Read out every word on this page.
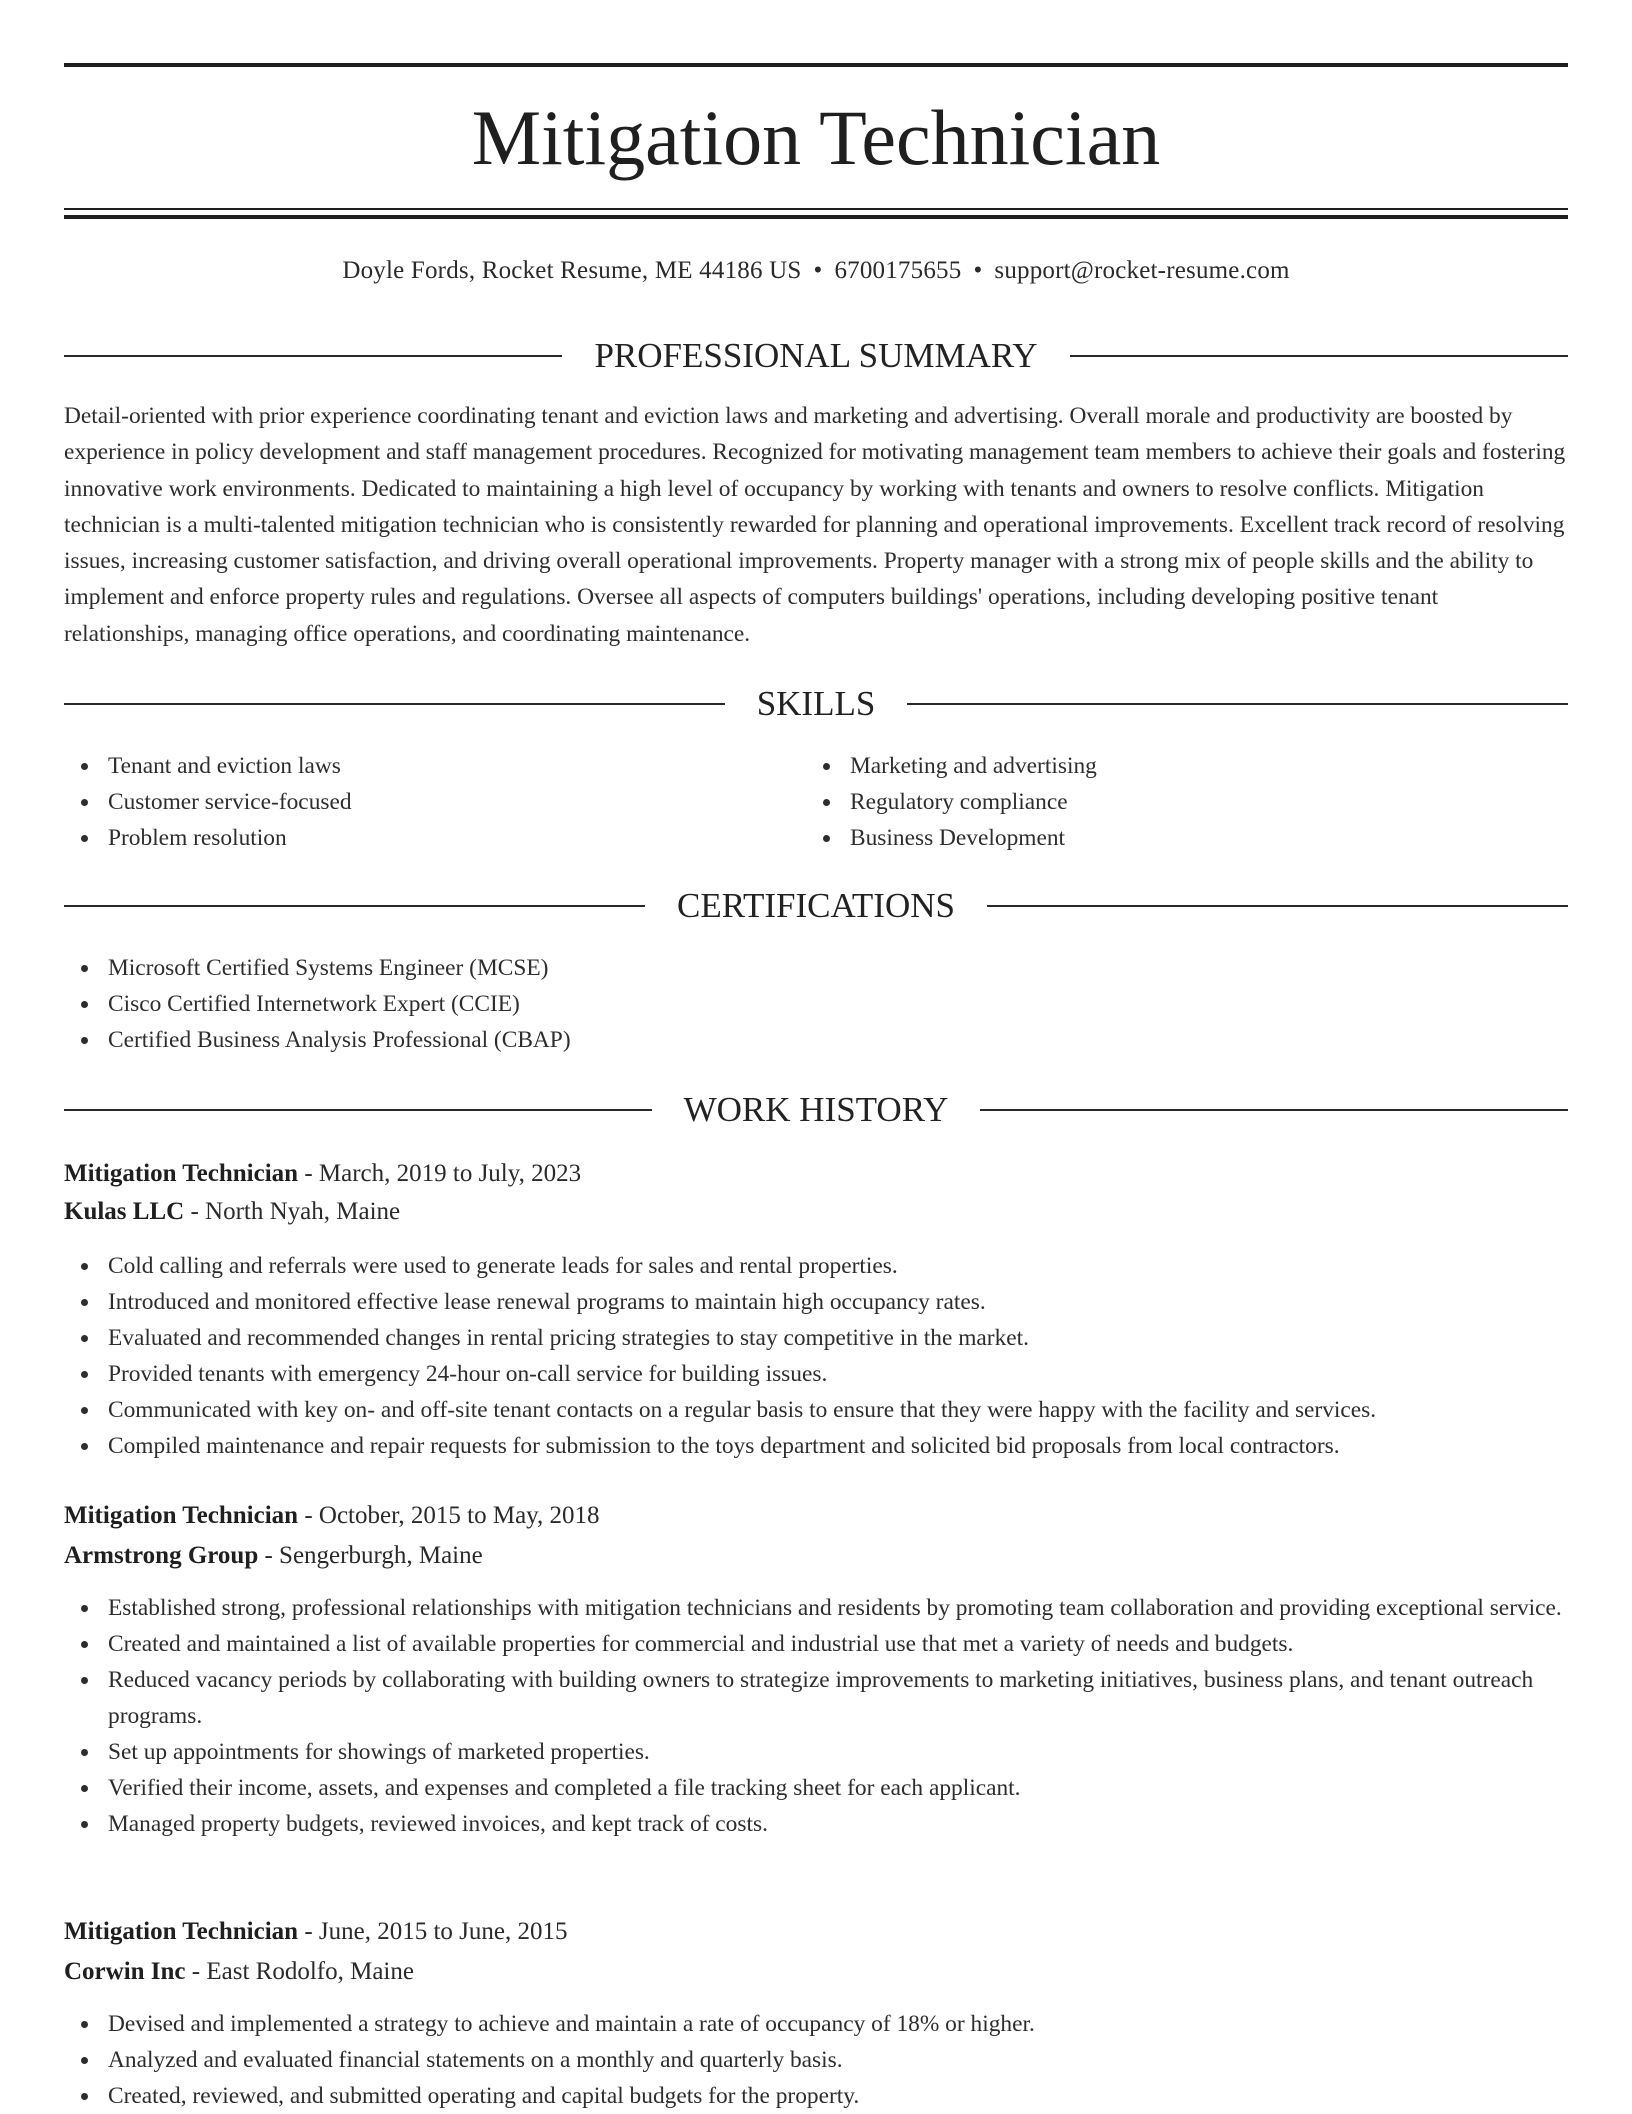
Mitigation Technician
Doyle Fords, Rocket Resume, ME 44186 US • 6700175655 • support@rocket-resume.com
PROFESSIONAL SUMMARY

Detail-oriented with prior experience coordinating tenant and eviction laws and marketing and advertising. Overall morale and productivity are boosted by experience in policy development and staff management procedures. Recognized for motivating management team members to achieve their goals and fostering innovative work environments. Dedicated to maintaining a high level of occupancy by working with tenants and owners to resolve conflicts. Mitigation technician is a multi-talented mitigation technician who is consistently rewarded for planning and operational improvements. Excellent track record of resolving issues, increasing customer satisfaction, and driving overall operational improvements. Property manager with a strong mix of people skills and the ability to implement and enforce property rules and regulations. Oversee all aspects of computers buildings' operations, including developing positive tenant relationships, managing office operations, and coordinating maintenance.

SKILLS
Tenant and eviction laws
Customer service-focused
Problem resolution
Marketing and advertising
Regulatory compliance
Business Development
CERTIFICATIONS
Microsoft Certified Systems Engineer (MCSE)
Cisco Certified Internetwork Expert (CCIE)
Certified Business Analysis Professional (CBAP)
WORK HISTORY
Mitigation Technician - March, 2019 to July, 2023
Kulas LLC - North Nyah, Maine
Cold calling and referrals were used to generate leads for sales and rental properties.
Introduced and monitored effective lease renewal programs to maintain high occupancy rates.
Evaluated and recommended changes in rental pricing strategies to stay competitive in the market.
Provided tenants with emergency 24-hour on-call service for building issues.
Communicated with key on- and off-site tenant contacts on a regular basis to ensure that they were happy with the facility and services.
Compiled maintenance and repair requests for submission to the toys department and solicited bid proposals from local contractors.
Mitigation Technician - October, 2015 to May, 2018
Armstrong Group - Sengerburgh, Maine
Established strong, professional relationships with mitigation technicians and residents by promoting team collaboration and providing exceptional service.
Created and maintained a list of available properties for commercial and industrial use that met a variety of needs and budgets.
Reduced vacancy periods by collaborating with building owners to strategize improvements to marketing initiatives, business plans, and tenant outreach programs.
Set up appointments for showings of marketed properties.
Verified their income, assets, and expenses and completed a file tracking sheet for each applicant.
Managed property budgets, reviewed invoices, and kept track of costs.
Mitigation Technician - June, 2015 to June, 2015
Corwin Inc - East Rodolfo, Maine
Devised and implemented a strategy to achieve and maintain a rate of occupancy of 18% or higher.
Analyzed and evaluated financial statements on a monthly and quarterly basis.
Created, reviewed, and submitted operating and capital budgets for the property.
